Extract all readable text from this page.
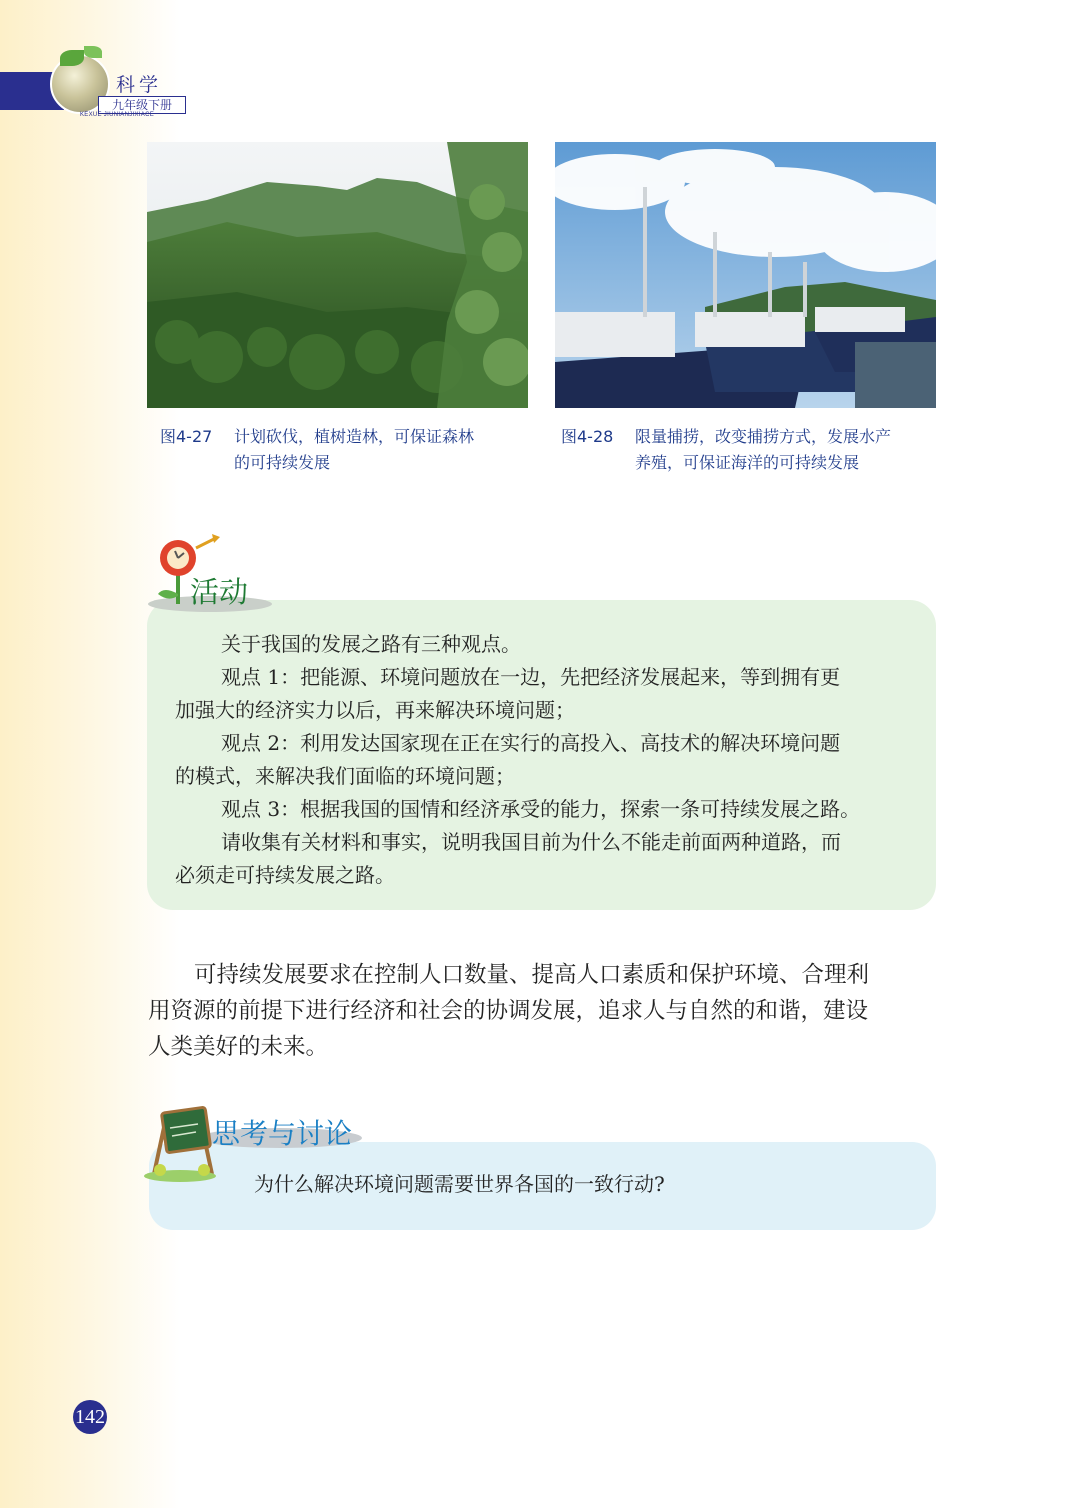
科学
九年级下册
KEXUE JIUNIANJIXIACE
图4-27 计划砍伐，植树造林，可保证森林
的可持续发展
图4-28 限量捕捞，改变捕捞方式，发展水产
养殖，可保证海洋的可持续发展
活动
关于我国的发展之路有三种观点。
观点 1：把能源、环境问题放在一边，先把经济发展起来，等到拥有更
加强大的经济实力以后，再来解决环境问题；
观点 2：利用发达国家现在正在实行的高投入、高技术的解决环境问题
的模式，来解决我们面临的环境问题；
观点 3：根据我国的国情和经济承受的能力，探索一条可持续发展之路。
请收集有关材料和事实，说明我国目前为什么不能走前面两种道路，而
必须走可持续发展之路。
可持续发展要求在控制人口数量、提高人口素质和保护环境、合理利
用资源的前提下进行经济和社会的协调发展，追求人与自然的和谐，建设
人类美好的未来。
思考与讨论
为什么解决环境问题需要世界各国的一致行动?
142
